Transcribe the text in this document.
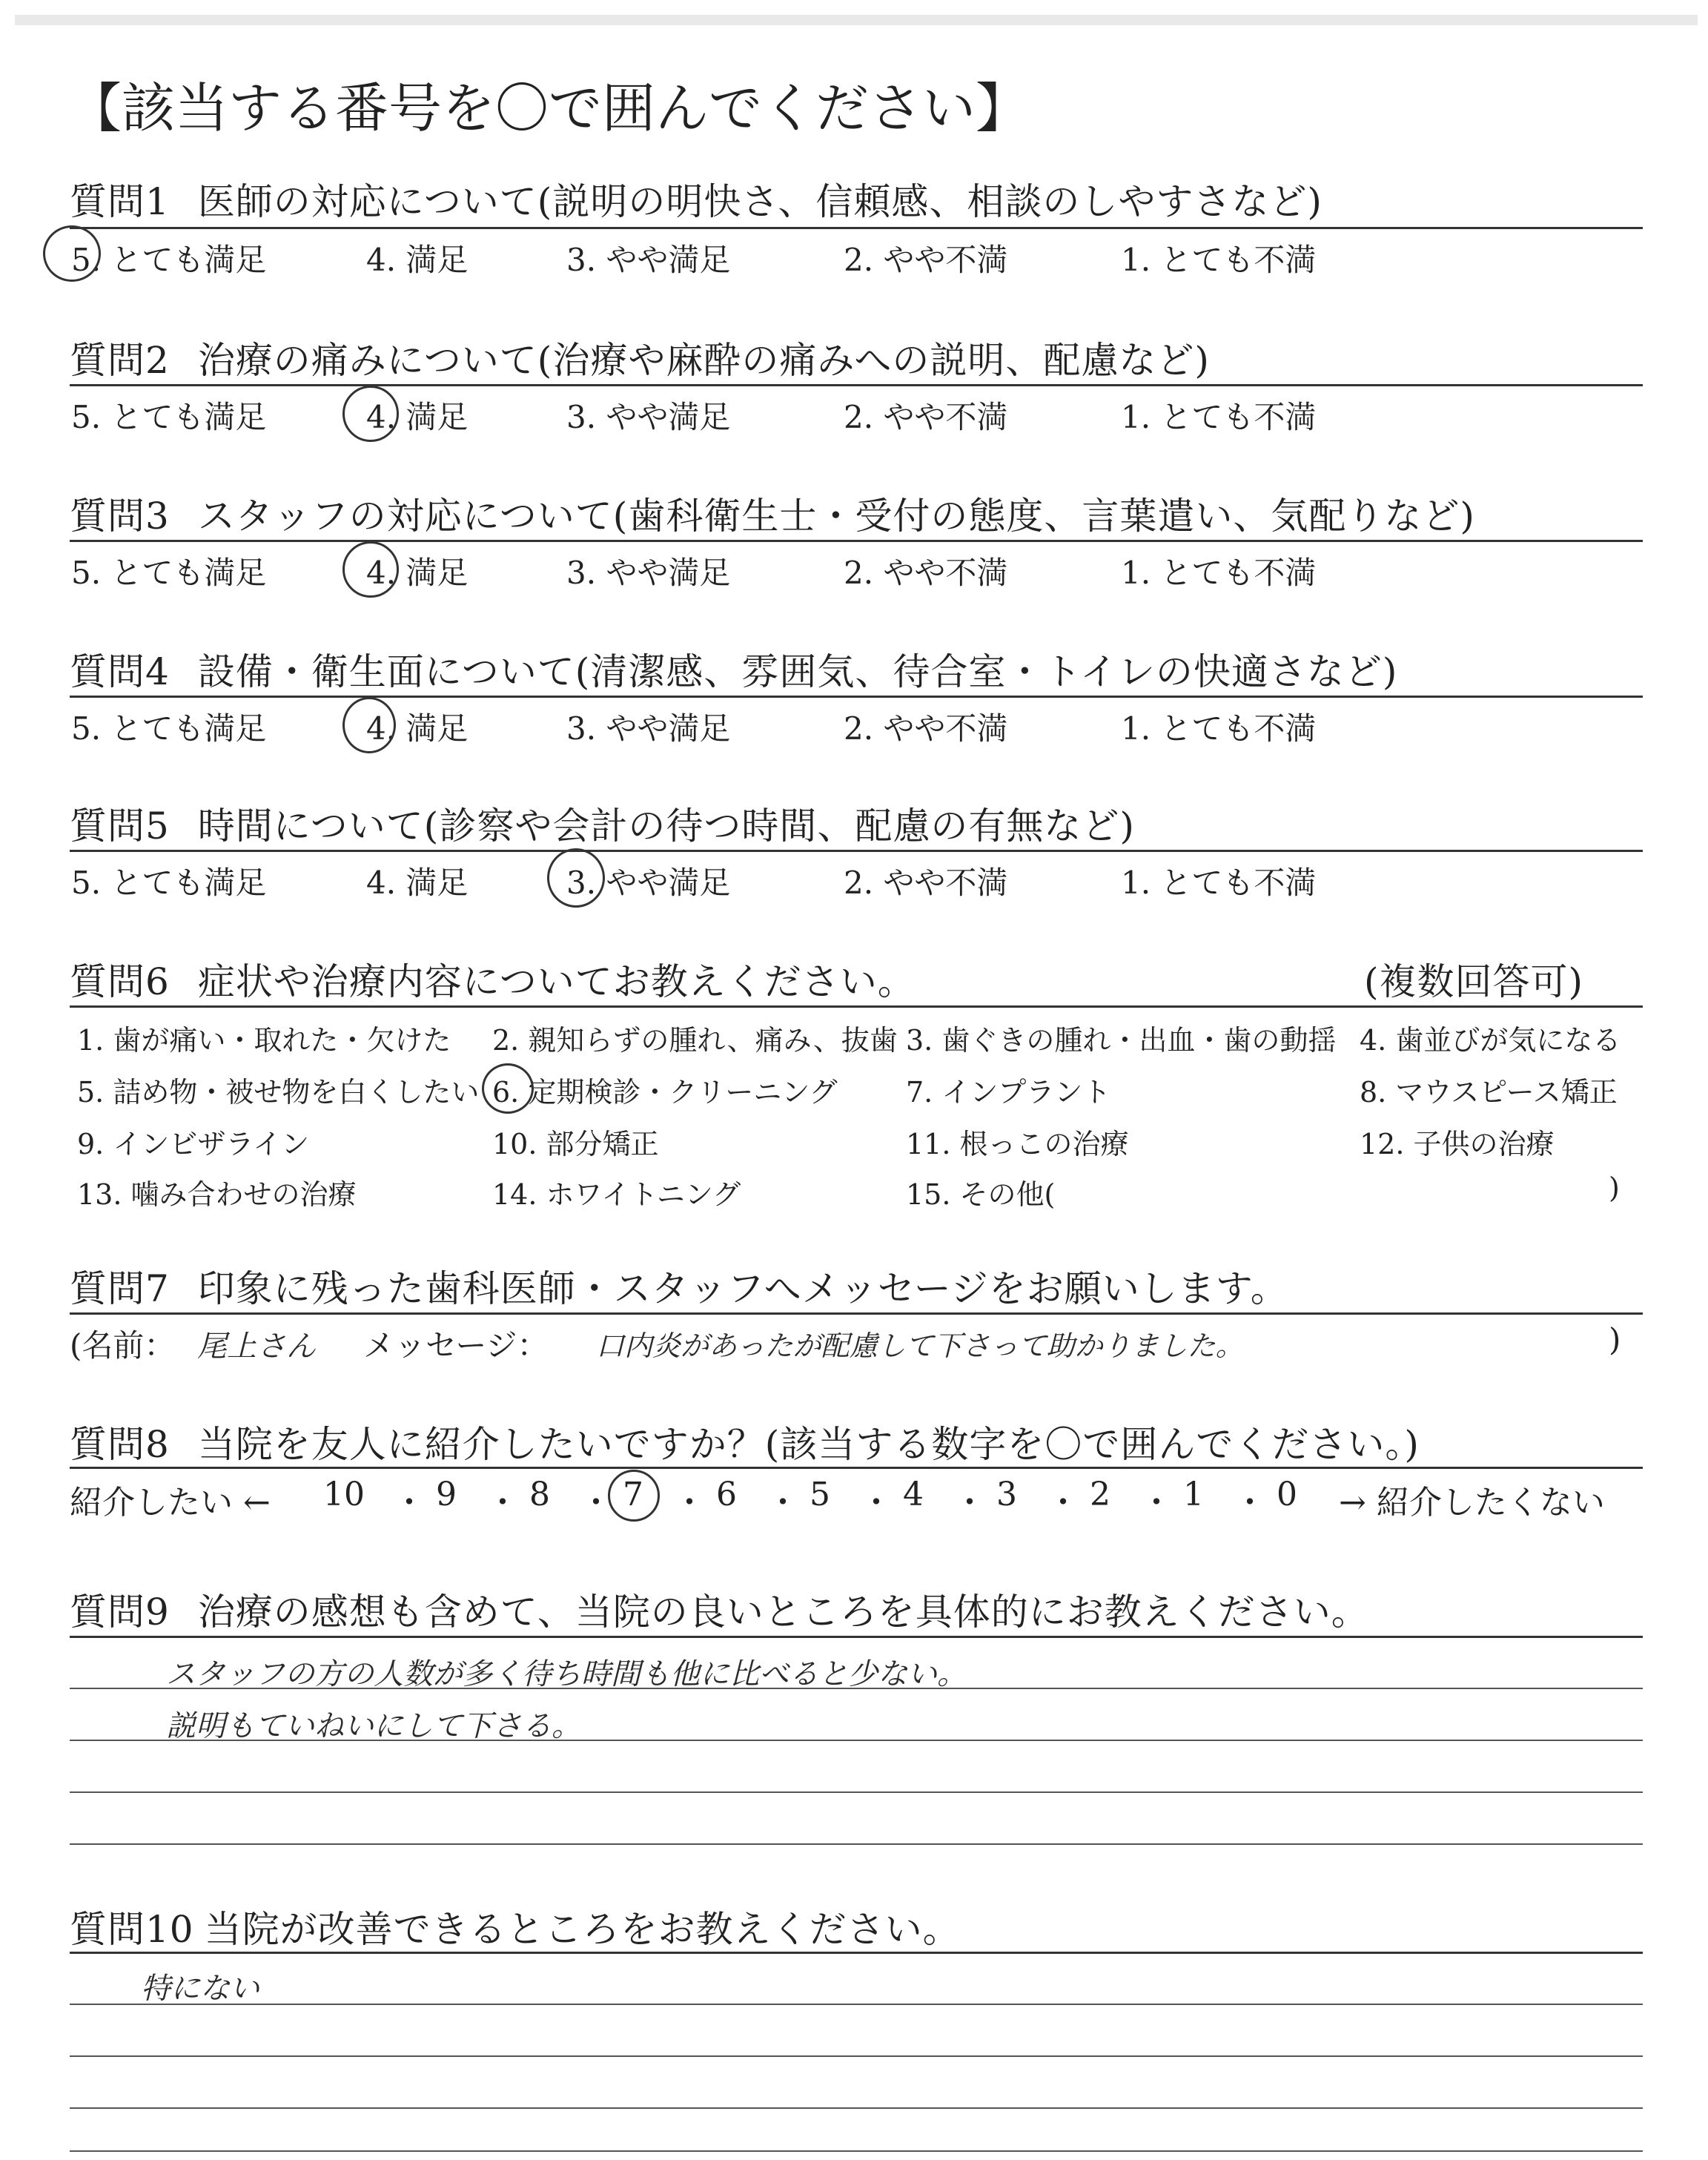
【該当する番号を〇で囲んでください】
質問1 医師の対応について(説明の明快さ、信頼感、相談のしやすさなど)
5. とても満足	4. 満足	3. やや満足	2. やや不満	1. とても不満
質問2 治療の痛みについて(治療や麻酔の痛みへの説明、配慮など)
5. とても満足	4. 満足	3. やや満足	2. やや不満	1. とても不満
質問3 スタッフの対応について(歯科衛生士・受付の態度、言葉遣い、気配りなど)
5. とても満足	4. 満足	3. やや満足	2. やや不満	1. とても不満
質問4 設備・衛生面について(清潔感、雰囲気、待合室・トイレの快適さなど)
5. とても満足	4. 満足	3. やや満足	2. やや不満	1. とても不満
質問5 時間について(診察や会計の待つ時間、配慮の有無など)
5. とても満足	4. 満足	3. やや満足	2. やや不満	1. とても不満
質問6 症状や治療内容についてお教えください。	(複数回答可)
1. 歯が痛い・取れた・欠けた 2. 親知らずの腫れ、痛み、抜歯 3. 歯ぐきの腫れ・出血・歯の動揺 4. 歯並びが気になる
5. 詰め物・被せ物を白くしたい 6. 定期検診・クリーニング 7. インプラント	8. マウスピース矯正
9. インビザライン	10. 部分矯正	11. 根っこの治療	12. 子供の治療
13. 噛み合わせの治療	14. ホワイトニング	15. その他(	)
質問7 印象に残った歯科医師・スタッフへメッセージをお願いします。
(名前： 尾上さん メッセージ： 口内炎があったが配慮して下さって助かりました。	)
質問8 当院を友人に紹介したいですか？(該当する数字を〇で囲んでください。)
紹介したい ← 10 ・ 9 ・ 8 ・ 7 ・ 6 ・ 5 ・ 4 ・ 3 ・ 2 ・ 1 ・ 0 → 紹介したくない
質問9 治療の感想も含めて、当院の良いところを具体的にお教えください。
スタッフの方の人数が多く待ち時間も他に比べると少ない。
説明もていねいにして下さる。
質問10 当院が改善できるところをお教えください。
特にない
